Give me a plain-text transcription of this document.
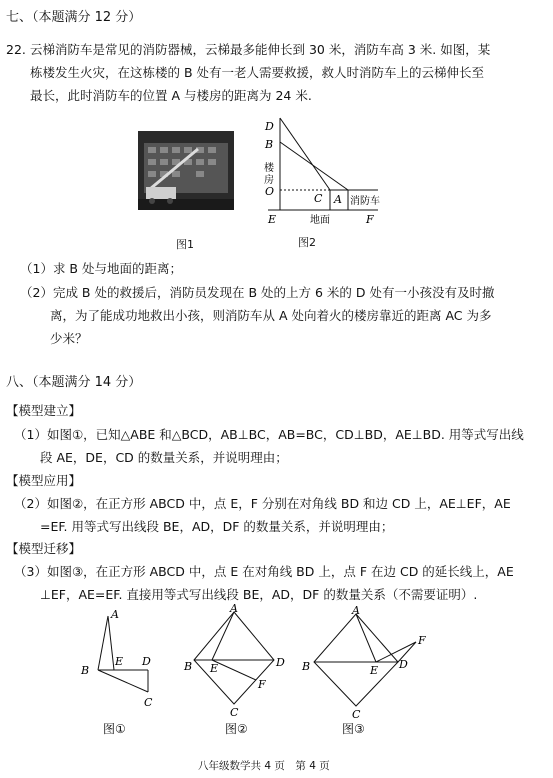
七、（本题满分 12 分）
22. 云梯消防车是常见的消防器械，云梯最多能伸长到 30 米，消防车高 3 米. 如图，某
栋楼发生火灾，在这栋楼的 B 处有一老人需要救援，救人时消防车上的云梯伸长至
最长，此时消防车的位置 A 与楼房的距离为 24 米.
图1
D
B
楼
房
O
C A 消防车
E	地面	F
图2
（1）求 B 处与地面的距离；
（2）完成 B 处的救援后，消防员发现在 B 处的上方 6 米的 D 处有一小孩没有及时撤
离，为了能成功地救出小孩，则消防车从 A 处向着火的楼房靠近的距离 AC 为多
少米？
八、（本题满分 14 分）
【模型建立】
（1）如图①，已知△ABE 和△BCD，AB⊥BC，AB=BC，CD⊥BD，AE⊥BD. 用等式写出线
段 AE，DE，CD 的数量关系，并说明理由；
【模型应用】
（2）如图②，在正方形 ABCD 中，点 E，F 分别在对角线 BD 和边 CD 上，AE⊥EF，AE
=EF. 用等式写出线段 BE，AD，DF 的数量关系，并说明理由；
【模型迁移】
（3）如图③，在正方形 ABCD 中，点 E 在对角线 BD 上，点 F 在边 CD 的延长线上，AE
⊥EF，AE=EF. 直接用等式写出线段 BE，AD，DF 的数量关系（不需要证明）.
A
B
E D
C
A
B E	D
F
C
A
B	E D
F
C
图①	图②	图③
八年级数学共 4 页　第 4 页
